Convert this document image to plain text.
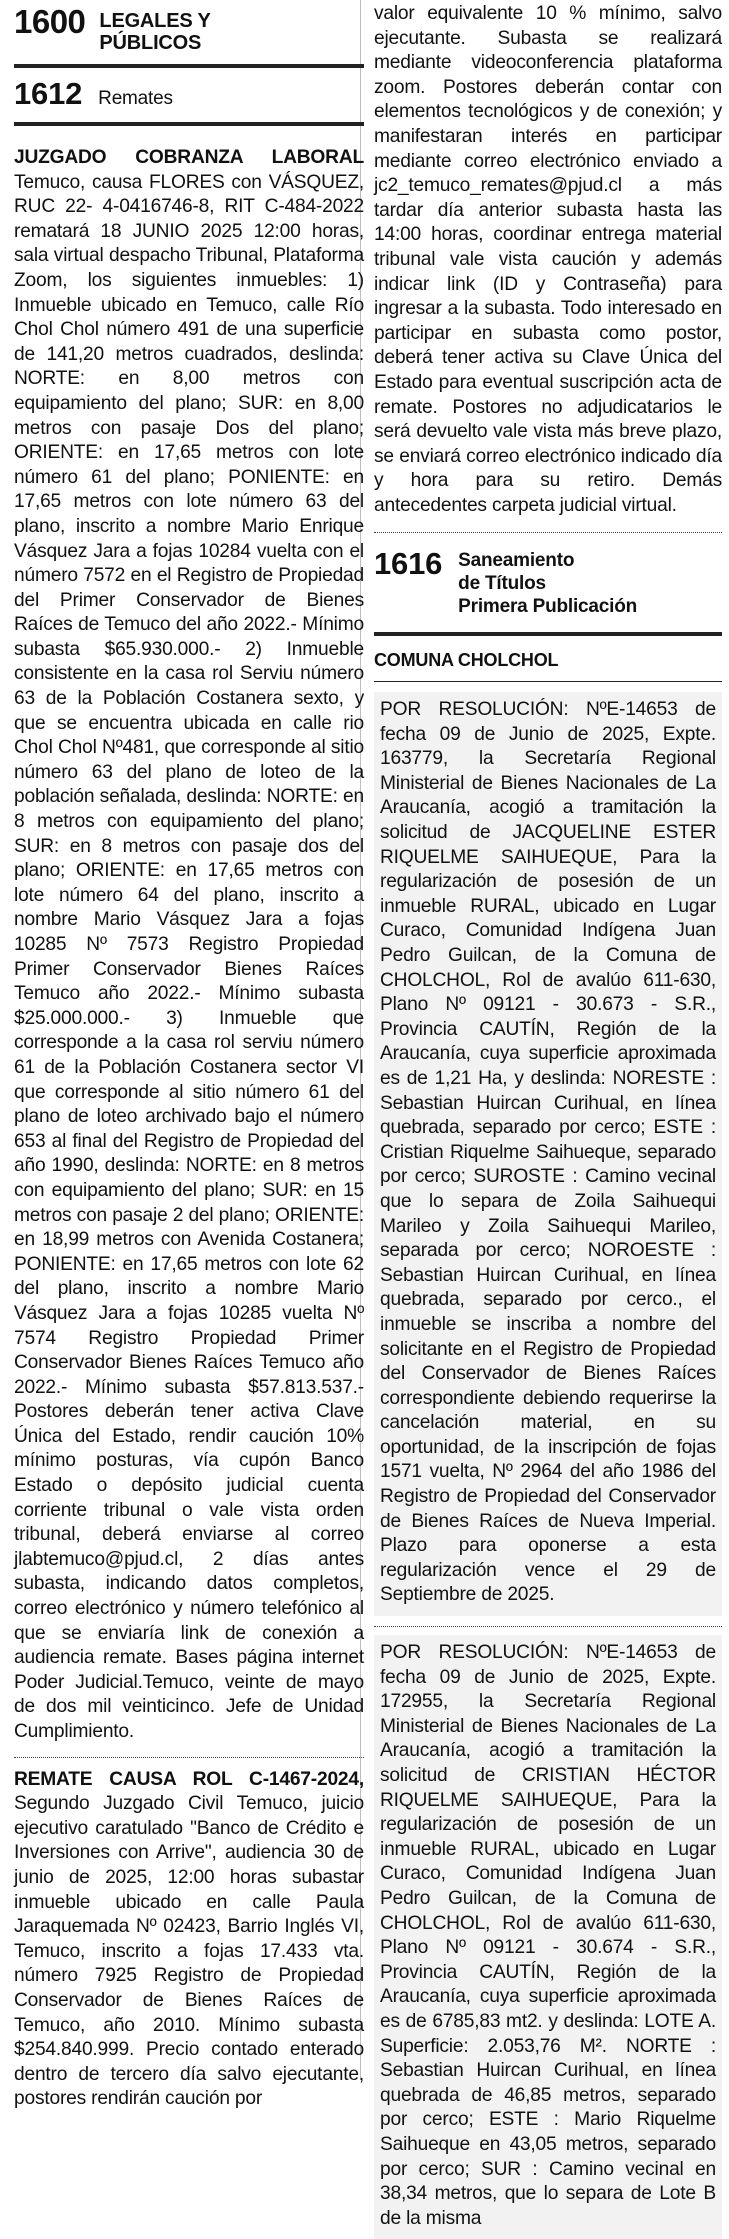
1600 LEGALES Y
PÚBLICOS
1612 Remates

JUZGADO COBRANZA LABORAL Temuco, causa FLORES con VÁSQUEZ, RUC 22- 4-0416746-8, RIT C-484-2022 rematará 18 JUNIO 2025 12:00 horas, sala virtual despacho Tribunal, Plataforma Zoom, los siguientes inmuebles: 1) Inmueble ubicado en Temuco, calle Río Chol Chol número 491 de una superficie de 141,20 metros cuadrados, deslinda: NORTE: en 8,00 metros con equipamiento del plano; SUR: en 8,00 metros con pasaje Dos del plano; ORIENTE: en 17,65 metros con lote número 61 del plano; PONIENTE: en 17,65 metros con lote número 63 del plano, inscrito a nombre Mario Enrique Vásquez Jara a fojas 10284 vuelta con el número 7572 en el Registro de Propiedad del Primer Conservador de Bienes Raíces de Temuco del año 2022.- Mínimo subasta $65.930.000.- 2) Inmueble consistente en la casa rol Serviu número 63 de la Población Costanera sexto, y que se encuentra ubicada en calle rio Chol Chol Nº481, que corresponde al sitio número 63 del plano de loteo de la población señalada, deslinda: NORTE: en 8 metros con equipamiento del plano; SUR: en 8 metros con pasaje dos del plano; ORIENTE: en 17,65 metros con lote número 64 del plano, inscrito a nombre Mario Vásquez Jara a fojas 10285 Nº 7573 Registro Propiedad Primer Conservador Bienes Raíces Temuco año 2022.- Mínimo subasta $25.000.000.- 3) Inmueble que corresponde a la casa rol serviu número 61 de la Población Costanera sector VI que corresponde al sitio número 61 del plano de loteo archivado bajo el número 653 al final del Registro de Propiedad del año 1990, deslinda: NORTE: en 8 metros con equipamiento del plano; SUR: en 15 metros con pasaje 2 del plano; ORIENTE: en 18,99 metros con Avenida Costanera; PONIENTE: en 17,65 metros con lote 62 del plano, inscrito a nombre Mario Vásquez Jara a fojas 10285 vuelta Nº 7574 Registro Propiedad Primer Conservador Bienes Raíces Temuco año 2022.- Mínimo subasta $57.813.537.- Postores deberán tener activa Clave Única del Estado, rendir caución 10% mínimo posturas, vía cupón Banco Estado o depósito judicial cuenta corriente tribunal o vale vista orden tribunal, deberá enviarse al correo jlabtemuco@pjud.cl, 2 días antes subasta, indicando datos completos, correo electrónico y número telefónico al que se enviaría link de conexión a audiencia remate. Bases página internet Poder Judicial.Temuco, veinte de mayo de dos mil veinticinco. Jefe de Unidad Cumplimiento.

REMATE CAUSA ROL C-1467-2024, Segundo Juzgado Civil Temuco, juicio ejecutivo caratulado "Banco de Crédito e Inversiones con Arrive", audiencia 30 de junio de 2025, 12:00 horas subastar inmueble ubicado en calle Paula Jaraquemada Nº 02423, Barrio Inglés VI, Temuco, inscrito a fojas 17.433 vta. número 7925 Registro de Propiedad Conservador de Bienes Raíces de Temuco, año 2010. Mínimo subasta $254.840.999. Precio contado enterado dentro de tercero día salvo ejecutante, postores rendirán caución por

valor equivalente 10 % mínimo, salvo ejecutante. Subasta se realizará mediante videoconferencia plataforma zoom. Postores deberán contar con elementos tecnológicos y de conexión; y manifestaran interés en participar mediante correo electrónico enviado a jc2_temuco_remates@pjud.cl a más tardar día anterior subasta hasta las 14:00 horas, coordinar entrega material tribunal vale vista caución y además indicar link (ID y Contraseña) para ingresar a la subasta. Todo interesado en participar en subasta como postor, deberá tener activa su Clave Única del Estado para eventual suscripción acta de remate. Postores no adjudicatarios le será devuelto vale vista más breve plazo, se enviará correo electrónico indicado día y hora para su retiro. Demás antecedentes carpeta judicial virtual.

1616 Saneamiento
de Títulos
Primera Publicación
COMUNA CHOLCHOL

POR RESOLUCIÓN: NºE-14653 de fecha 09 de Junio de 2025, Expte. 163779, la Secretaría Regional Ministerial de Bienes Nacionales de La Araucanía, acogió a tramitación la solicitud de JACQUELINE ESTER RIQUELME SAIHUEQUE, Para la regularización de posesión de un inmueble RURAL, ubicado en Lugar Curaco, Comunidad Indígena Juan Pedro Guilcan, de la Comuna de CHOLCHOL, Rol de avalúo 611-630, Plano Nº 09121 - 30.673 - S.R., Provincia CAUTÍN, Región de la Araucanía, cuya superficie aproximada es de 1,21 Ha, y deslinda: NORESTE : Sebastian Huircan Curihual, en línea quebrada, separado por cerco; ESTE : Cristian Riquelme Saihueque, separado por cerco; SUROSTE : Camino vecinal que lo separa de Zoila Saihuequi Marileo y Zoila Saihuequi Marileo, separada por cerco; NOROESTE : Sebastian Huircan Curihual, en línea quebrada, separado por cerco., el inmueble se inscriba a nombre del solicitante en el Registro de Propiedad del Conservador de Bienes Raíces correspondiente debiendo requerirse la cancelación material, en su oportunidad, de la inscripción de fojas 1571 vuelta, Nº 2964 del año 1986 del Registro de Propiedad del Conservador de Bienes Raíces de Nueva Imperial. Plazo para oponerse a esta regularización vence el 29 de Septiembre de 2025.

POR RESOLUCIÓN: NºE-14653 de fecha 09 de Junio de 2025, Expte. 172955, la Secretaría Regional Ministerial de Bienes Nacionales de La Araucanía, acogió a tramitación la solicitud de CRISTIAN HÉCTOR RIQUELME SAIHUEQUE, Para la regularización de posesión de un inmueble RURAL, ubicado en Lugar Curaco, Comunidad Indígena Juan Pedro Guilcan, de la Comuna de CHOLCHOL, Rol de avalúo 611-630, Plano Nº 09121 - 30.674 - S.R., Provincia CAUTÍN, Región de la Araucanía, cuya superficie aproximada es de 6785,83 mt2. y deslinda: LOTE A. Superficie: 2.053,76 M². NORTE : Sebastian Huircan Curihual, en línea quebrada de 46,85 metros, separado por cerco; ESTE : Mario Riquelme Saihueque en 43,05 metros, separado por cerco; SUR : Camino vecinal en 38,34 metros, que lo separa de Lote B de la misma
